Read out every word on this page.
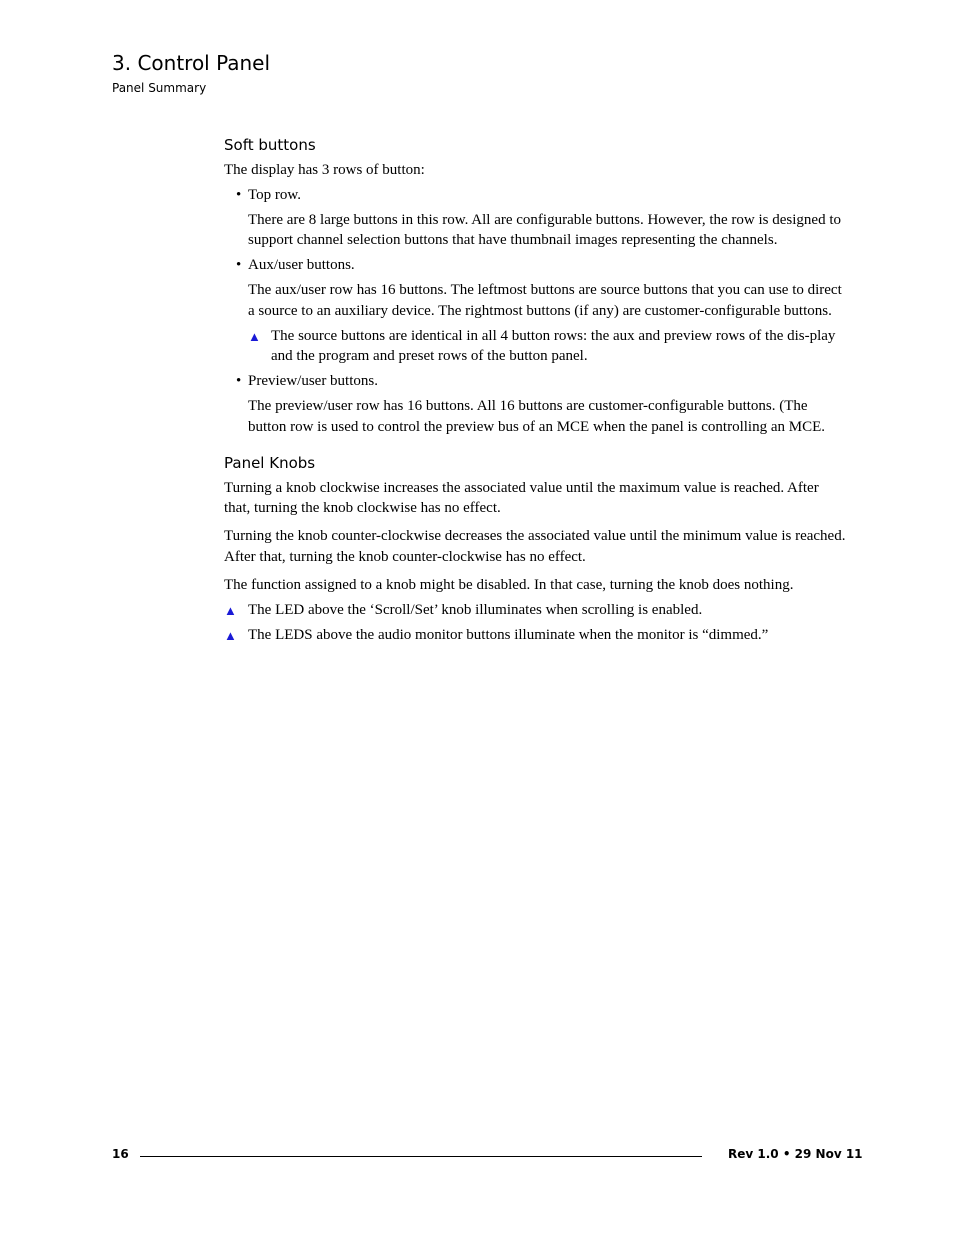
3. Control Panel
Panel Summary
Soft buttons
The display has 3 rows of button:
• Top row.
There are 8 large buttons in this row. All are configurable buttons. However, the row is designed to support channel selection buttons that have thumbnail images representing the channels.
• Aux/user buttons.
The aux/user row has 16 buttons. The leftmost buttons are source buttons that you can use to direct a source to an auxiliary device. The rightmost buttons (if any) are customer-configurable buttons.
▲ The source buttons are identical in all 4 button rows: the aux and preview rows of the dis-play and the program and preset rows of the button panel.
• Preview/user buttons.
The preview/user row has 16 buttons. All 16 buttons are customer-configurable buttons. (The button row is used to control the preview bus of an MCE when the panel is controlling an MCE.
Panel Knobs
Turning a knob clockwise increases the associated value until the maximum value is reached. After that, turning the knob clockwise has no effect.
Turning the knob counter-clockwise decreases the associated value until the minimum value is reached. After that, turning the knob counter-clockwise has no effect.
The function assigned to a knob might be disabled. In that case, turning the knob does nothing.
▲ The LED above the ‘Scroll/Set’ knob illuminates when scrolling is enabled.
▲ The LEDS above the audio monitor buttons illuminate when the monitor is “dimmed.”
16	Rev 1.0 • 29 Nov 11
